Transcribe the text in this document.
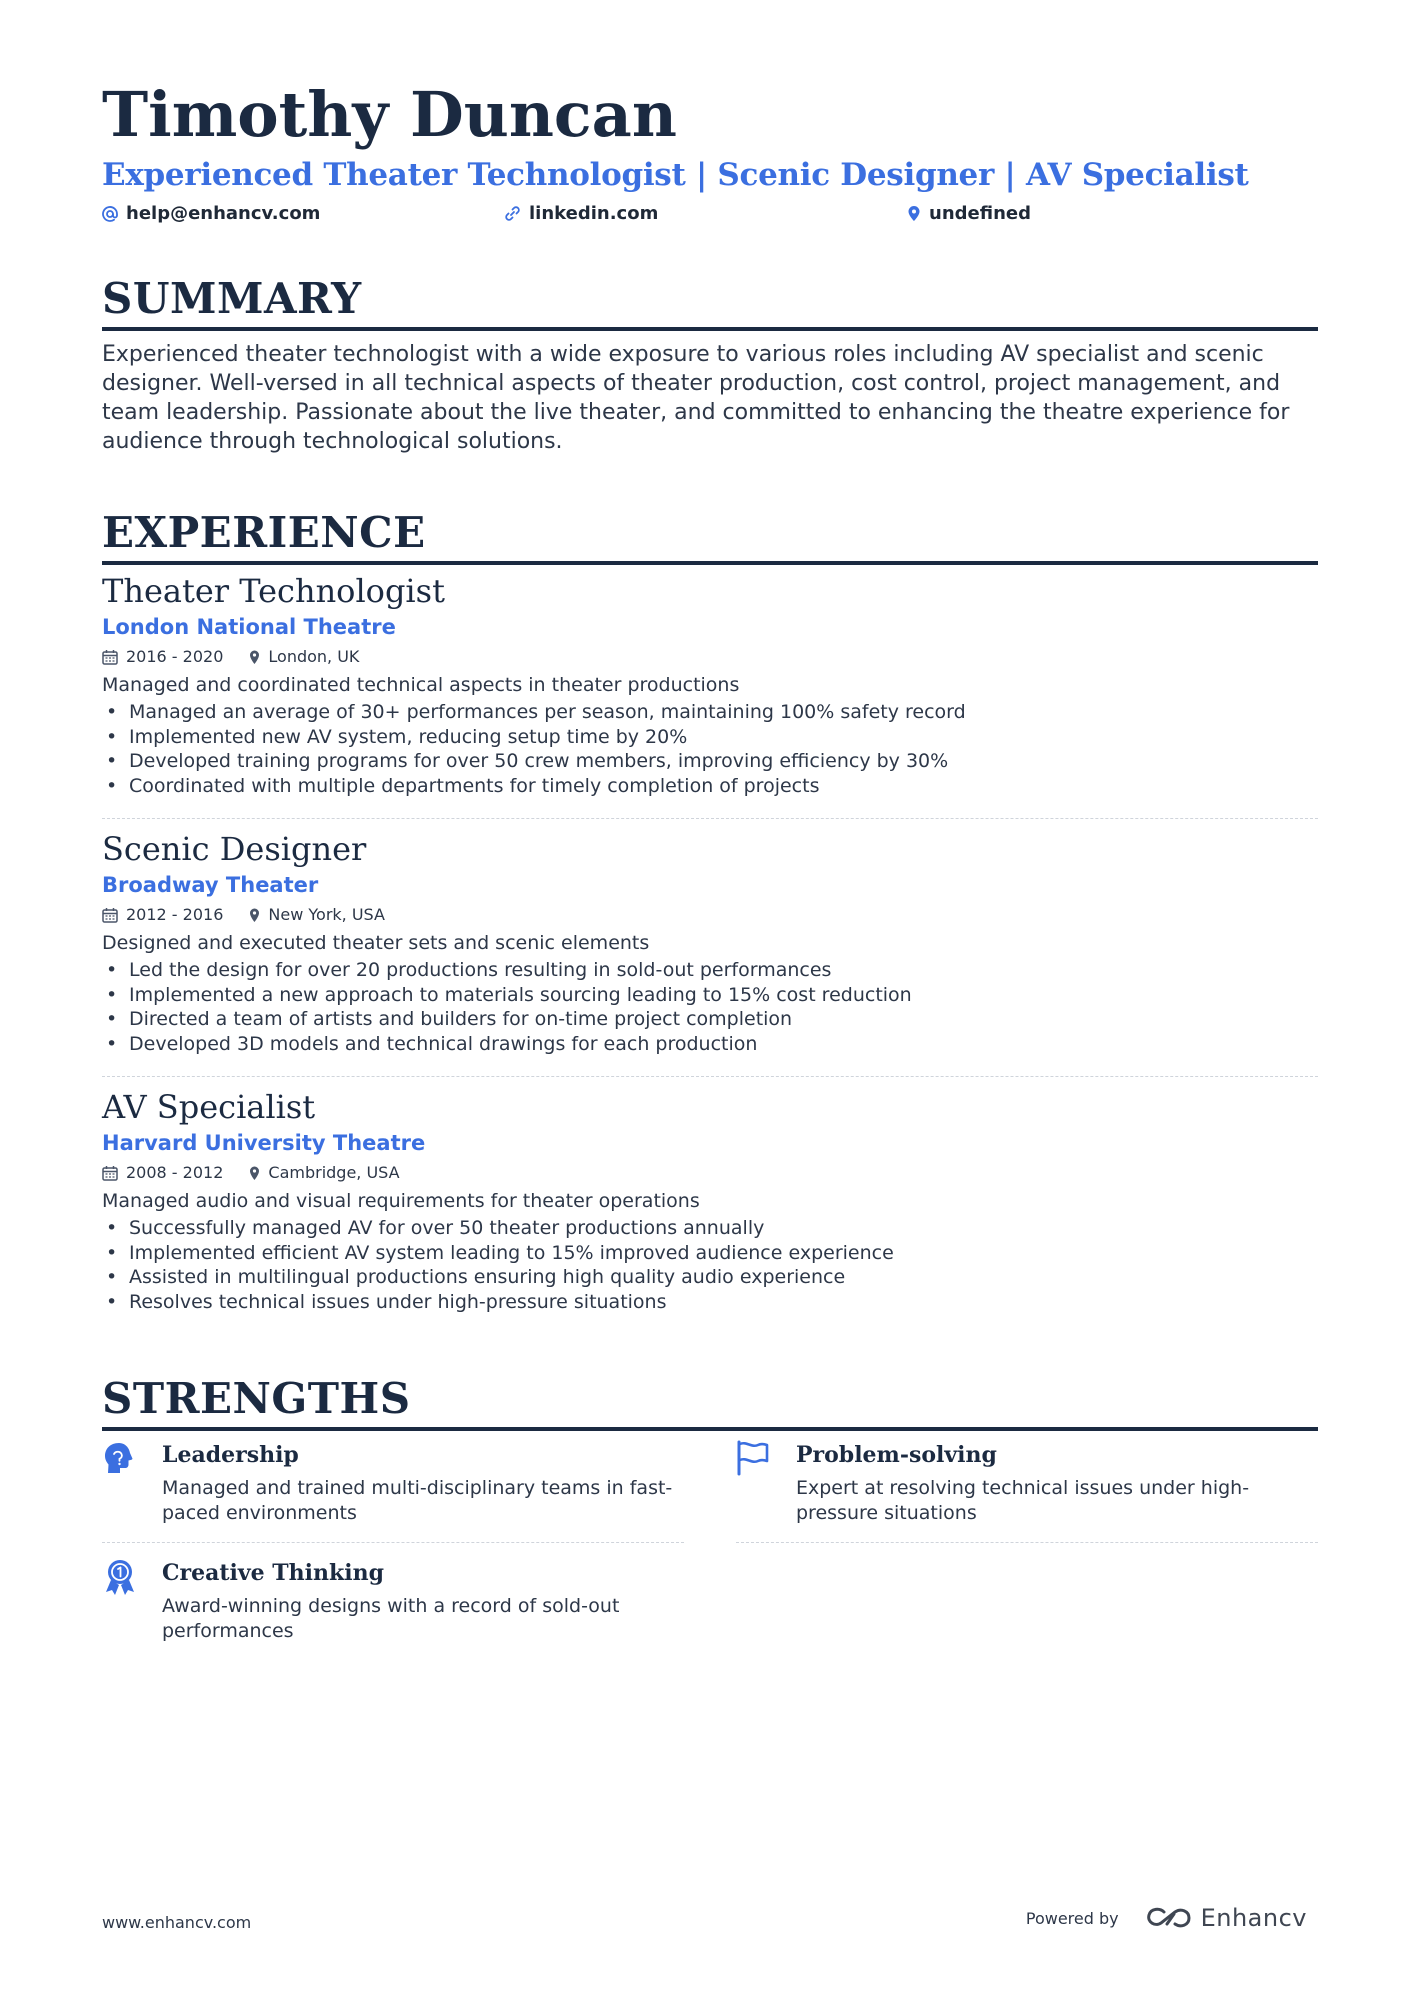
Timothy Duncan
Experienced Theater Technologist | Scenic Designer | AV Specialist
help@enhancv.com	linkedin.com	undefined
SUMMARY
Experienced theater technologist with a wide exposure to various roles including AV specialist and scenic designer. Well-versed in all technical aspects of theater production, cost control, project management, and team leadership. Passionate about the live theater, and committed to enhancing the theatre experience for audience through technological solutions.
EXPERIENCE
Theater Technologist
London National Theatre
2016 - 2020	London, UK
Managed and coordinated technical aspects in theater productions
• Managed an average of 30+ performances per season, maintaining 100% safety record
• Implemented new AV system, reducing setup time by 20%
• Developed training programs for over 50 crew members, improving efficiency by 30%
• Coordinated with multiple departments for timely completion of projects
Scenic Designer
Broadway Theater
2012 - 2016	New York, USA
Designed and executed theater sets and scenic elements
• Led the design for over 20 productions resulting in sold-out performances
• Implemented a new approach to materials sourcing leading to 15% cost reduction
• Directed a team of artists and builders for on-time project completion
• Developed 3D models and technical drawings for each production
AV Specialist
Harvard University Theatre
2008 - 2012	Cambridge, USA
Managed audio and visual requirements for theater operations
• Successfully managed AV for over 50 theater productions annually
• Implemented efficient AV system leading to 15% improved audience experience
• Assisted in multilingual productions ensuring high quality audio experience
• Resolves technical issues under high-pressure situations
STRENGTHS
Leadership
Managed and trained multi-disciplinary teams in fast-paced environments
Problem-solving
Expert at resolving technical issues under high-pressure situations
Creative Thinking
Award-winning designs with a record of sold-out performances
www.enhancv.com	Powered by	Enhancv
